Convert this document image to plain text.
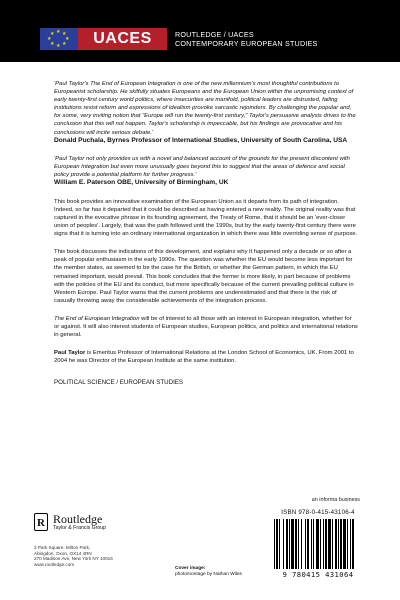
★ ★
★
★
★
★
★
★	UACES	ROUTLEDGE / UACES
CONTEMPORARY EUROPEAN STUDIES

'Paul Taylor's The End of European Integration is one of the new millennium's most thoughtful contributions to Europeanist scholarship. He skilfully situates Europeans and the European Union within the unpromising context of early twenty-first century world politics, where insecurities are manifold, political leaders are distrusted, failing institutions resist reform and expressions of idealism provoke sarcastic rejoinders. By challenging the popular and, for some, very inviting notion that "Europe will run the twenty-first century," Taylor's persuasive analysis drives to the conclusion that this will not happen. Taylor's scholarship is impeccable, but his findings are provocative and his conclusions will incite serious debate.'

Donald Puchala, Byrnes Professor of International Studies, University of South Carolina, USA

'Paul Taylor not only provides us with a novel and balanced account of the grounds for the present discontent with European Integration but even more unusually goes beyond this to suggest that the areas of defence and social policy provide a potential platform for further progress.'

William E. Paterson OBE, University of Birmingham, UK

This book provides an innovative examination of the European Union as it departs from its path of integration. Indeed, so far has it departed that it could be described as having entered a new reality. The original reality was that captured in the evocative phrase in its founding agreement, the Treaty of Rome, that it should be an 'ever-closer union of peoples'. Largely, that was the path followed until the 1990s, but by the early twenty-first century there were signs that it is turning into an ordinary international organization in which there was little overriding sense of purpose.

This book discusses the indications of this development, and explains why it happened only a decade or so after a peak of popular enthusiasm in the early 1990s. The question was whether the EU would become less important for the member states, as seemed to be the case for the British, or whether the German pattern, in which the EU remained important, would prevail. This book concludes that the former is more likely, in part because of problems with the policies of the EU and its conduct, but more specifically because of the current prevailing political culture in Western Europe. Paul Taylor warns that the current problems are underestimated and that there is the risk of casually throwing away the considerable achievements of the integration process.

The End of European Integration will be of interest to all those with an interest in European integration, whether for or against. It will also interest students of European studies, European politics, and politics and international relations in general.

Paul Taylor is Emeritus Professor of International Relations at the London School of Economics, UK. From 2001 to 2004 he was Director of the European Institute at the same institution.

POLITICAL SCIENCE / EUROPEAN STUDIES

an informa business
R Routledge
Taylor & Francis Group
2 Park Square, Milton Park,
Abingdon, Oxon, OX14 4RN
270 Madison Ave, New York NY 10016
www.routledge.com
Cover image:
photomontage by Nathan Wiles
ISBN 978-0-415-43106-4
9 780415 431064
